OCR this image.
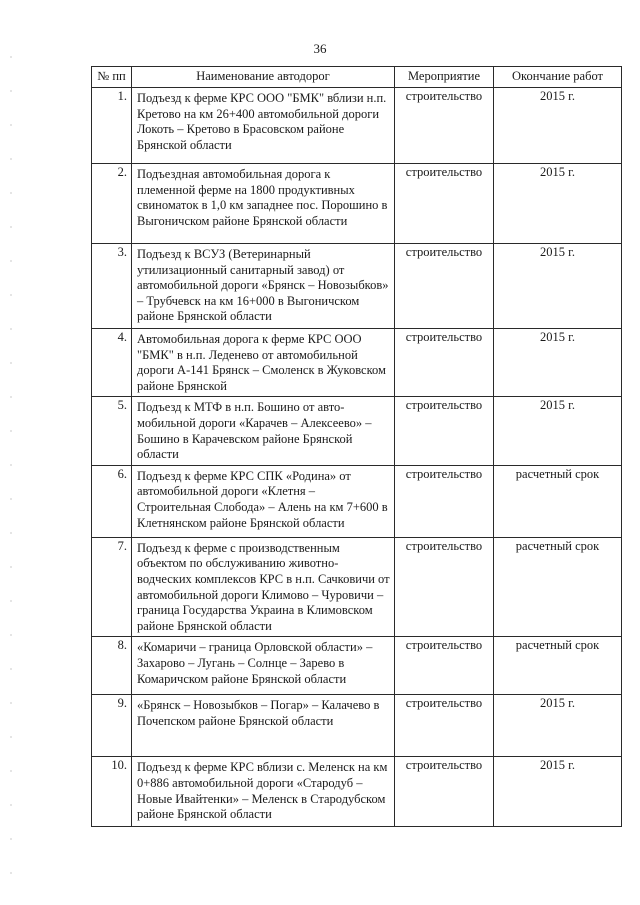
36
№ пп	Наименование автодорог	Мероприятие	Окончание работ
1.	Подъезд к ферме КРС ООО "БМК" вблизи н.п. Кретово на км 26+400 автомобильной дороги Локоть – Кретово в Брасовском районе Брянской области	строительство	2015 г.
2.	Подъездная автомобильная дорога к племенной ферме на 1800 продуктивных свиноматок в 1,0 км западнее пос. Порошино в Выгоничском районе Брянской области	строительство	2015 г.
3.	Подъезд к ВСУЗ (Ветеринарный утилизационный санитарный завод) от автомобильной дороги «Брянск – Новозыбков» – Трубчевск на км 16+000 в Выгоничском районе Брянской области	строительство	2015 г.
4.	Автомобильная дорога к ферме КРС ООО "БМК" в н.п. Леденево от автомобильной дороги А-141 Брянск – Смоленск в Жуковском районе Брянской	строительство	2015 г.
5.	Подъезд к МТФ в н.п. Бошино от авто-мобильной дороги «Карачев – Алексеево» – Бошино в Карачевском районе Брянской области	строительство	2015 г.
6.	Подъезд к ферме КРС СПК «Родина» от автомобильной дороги «Клетня – Строительная Слобода» – Алень на км 7+600 в Клетнянском районе Брянской области	строительство	расчетный срок
7.	Подъезд к ферме с производственным объектом по обслуживанию животно-водческих комплексов КРС в н.п. Сачковичи от автомобильной дороги Климово – Чуровичи – граница Государства Украина в Климовском районе Брянской области	строительство	расчетный срок
8.	«Комаричи – граница Орловской области» – Захарово – Лугань – Солнце – Зарево в Комаричском районе Брянской области	строительство	расчетный срок
9.	«Брянск – Новозыбков – Погар» – Калачево в Почепском районе Брянской области	строительство	2015 г.
10.	Подъезд к ферме КРС вблизи с. Меленск на км 0+886 автомобильной дороги «Стародуб – Новые Ивайтенки» – Меленск в Стародубском районе Брянской области	строительство	2015 г.
